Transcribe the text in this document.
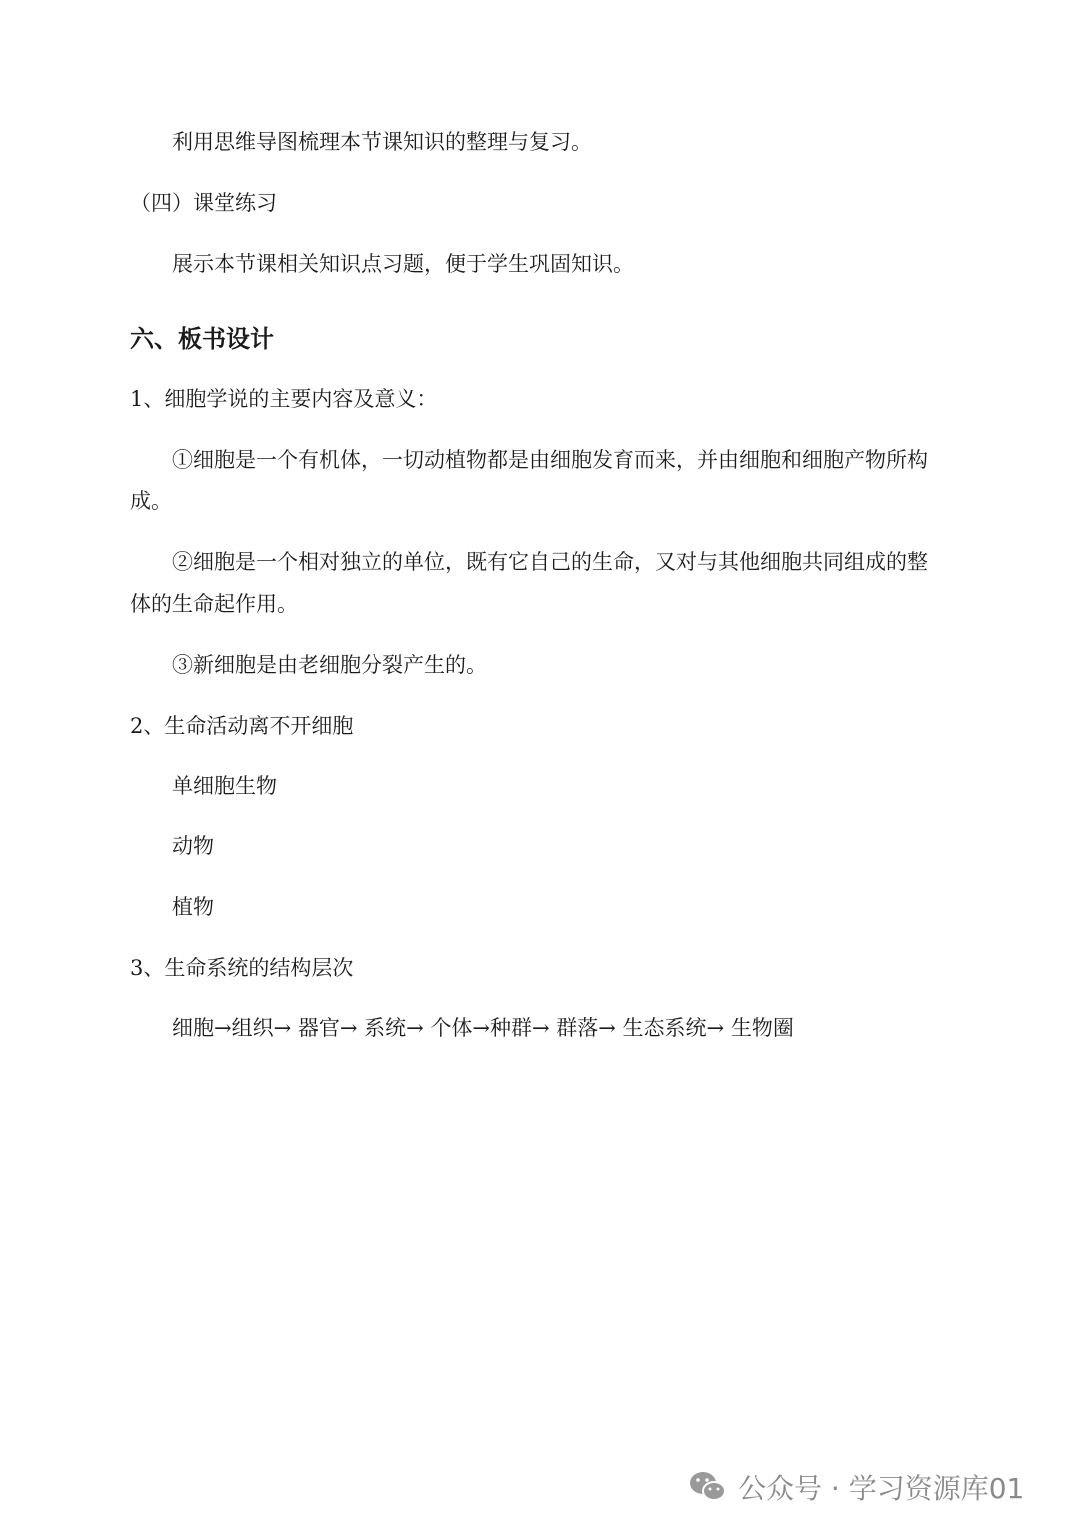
利用思维导图梳理本节课知识的整理与复习。
（四）课堂练习
展示本节课相关知识点习题，便于学生巩固知识。
六、板书设计
1、细胞学说的主要内容及意义：
①细胞是一个有机体，一切动植物都是由细胞发育而来，并由细胞和细胞产物所构
成。
②细胞是一个相对独立的单位，既有它自己的生命，又对与其他细胞共同组成的整
体的生命起作用。
③新细胞是由老细胞分裂产生的。
2、生命活动离不开细胞
单细胞生物
动物
植物
3、生命系统的结构层次
细胞→组织→ 器官→ 系统→ 个体→种群→ 群落→ 生态系统→ 生物圈
公众号 · 学习资源库01
